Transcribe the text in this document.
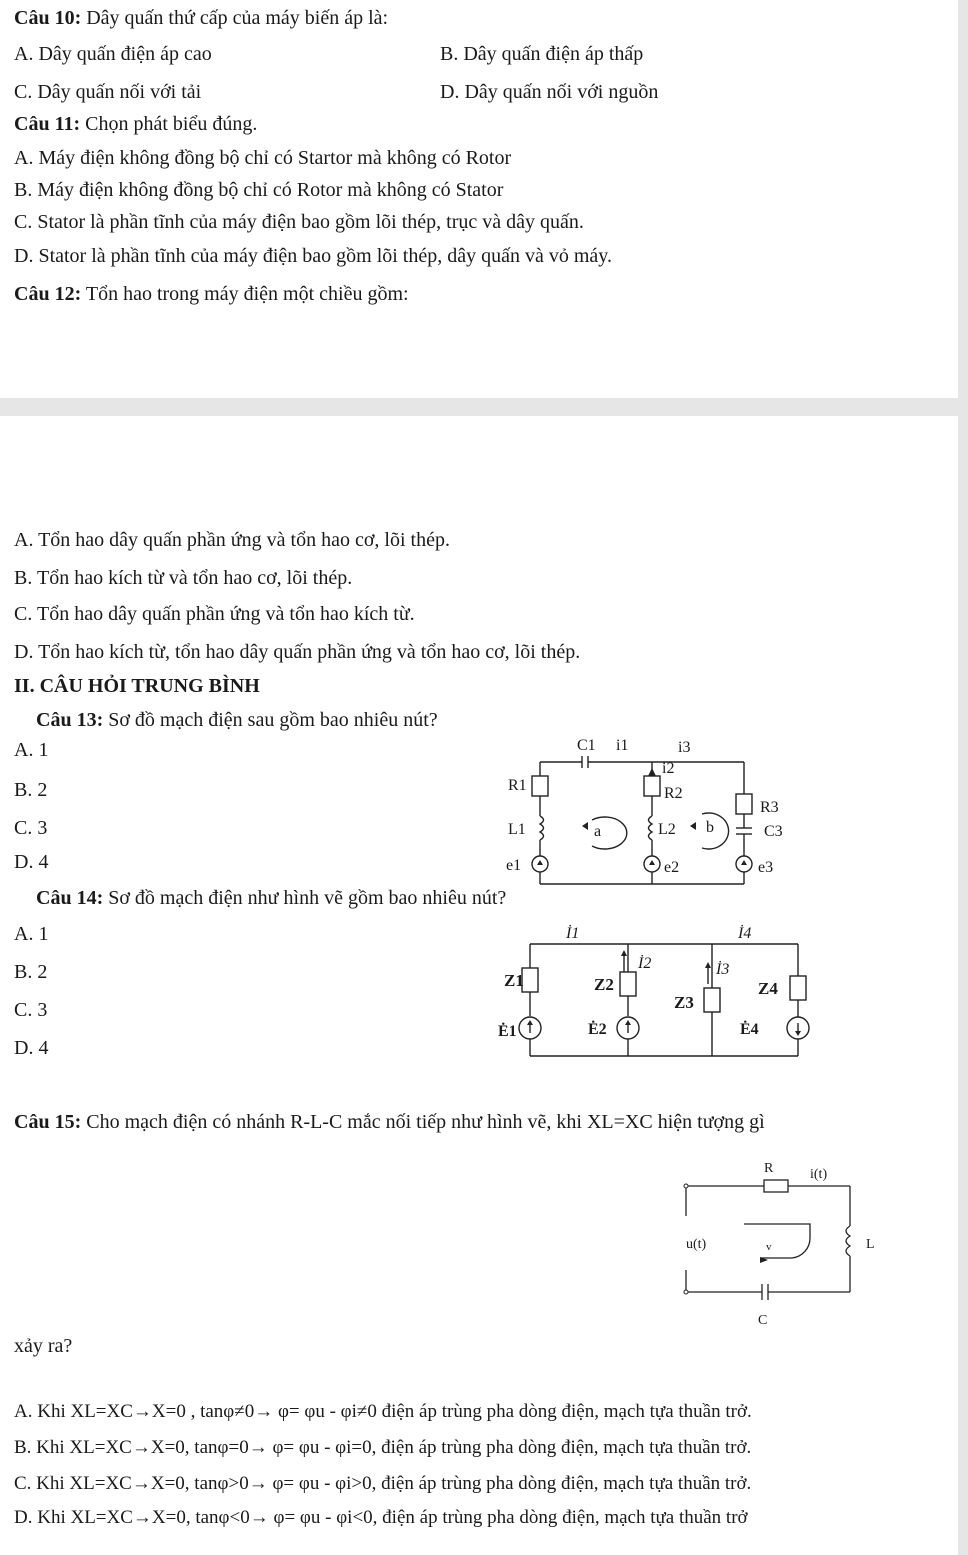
Câu 10: Dây quấn thứ cấp của máy biến áp là:
A. Dây quấn điện áp cao	B. Dây quấn điện áp thấp
C. Dây quấn nối với tải	D. Dây quấn nối với nguồn
Câu 11: Chọn phát biểu đúng.
A. Máy điện không đồng bộ chỉ có Startor mà không có Rotor
B. Máy điện không đồng bộ chỉ có Rotor mà không có Stator
C. Stator là phần tĩnh của máy điện bao gồm lõi thép, trục và dây quấn.
D. Stator là phần tĩnh của máy điện bao gồm lõi thép, dây quấn và vỏ máy.
Câu 12: Tổn hao trong máy điện một chiều gồm:
A. Tổn hao dây quấn phần ứng và tổn hao cơ, lõi thép.
B. Tổn hao kích từ và tổn hao cơ, lõi thép.
C. Tổn hao dây quấn phần ứng và tổn hao kích từ.
D. Tổn hao kích từ, tổn hao dây quấn phần ứng và tổn hao cơ, lõi thép.
II. CÂU HỎI TRUNG BÌNH
Câu 13: Sơ đồ mạch điện sau gồm bao nhiêu nút?
A. 1
B. 2
C. 3
D. 4
C1 i1	i3
i2
R1	R2
R3
L1	L2	C3
a	b
e1	e2	e3
Câu 14: Sơ đồ mạch điện như hình vẽ gồm bao nhiêu nút?
A. 1
B. 2
C. 3
D. 4
İ1
İ2	İ3
İ4
Z1	Z2
Z3
Z4
Ė1	Ė2	Ė4
Câu 15: Cho mạch điện có nhánh R-L-C mắc nối tiếp như hình vẽ, khi XL=XC hiện tượng gì
R	i(t)
u(t)	v	L
C
xảy ra?
A. Khi XL=XC→X=0 , tanφ≠0→ φ= φu - φi≠0 điện áp trùng pha dòng điện, mạch tựa thuần trở.
B. Khi XL=XC→X=0, tanφ=0→ φ= φu - φi=0, điện áp trùng pha dòng điện, mạch tựa thuần trở.
C. Khi XL=XC→X=0, tanφ>0→ φ= φu - φi>0, điện áp trùng pha dòng điện, mạch tựa thuần trở.
D. Khi XL=XC→X=0, tanφ<0→ φ= φu - φi<0, điện áp trùng pha dòng điện, mạch tựa thuần trở
